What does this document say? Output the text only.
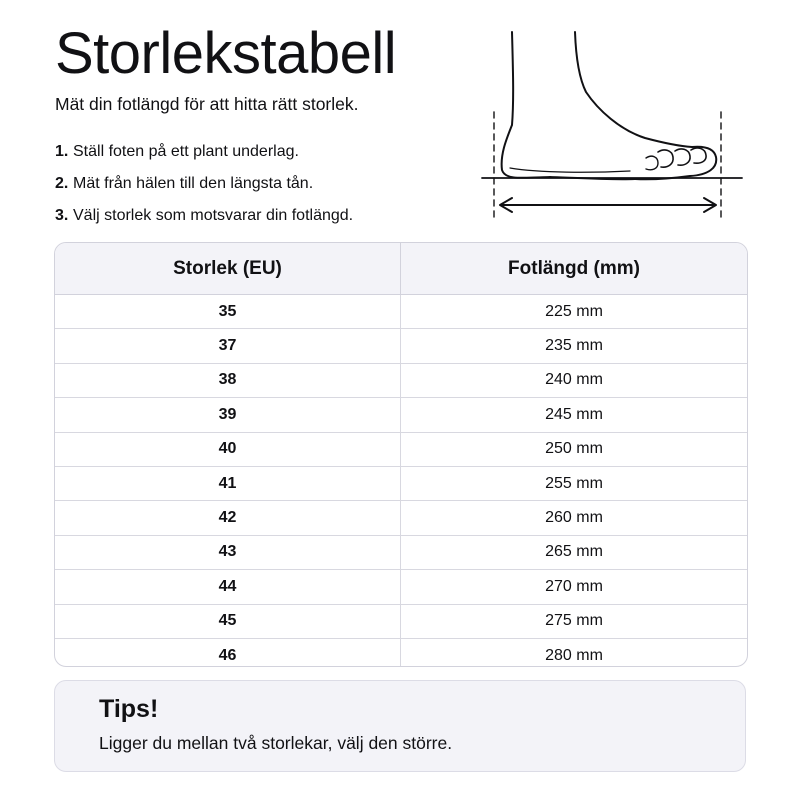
Storlekstabell

Mät din fotlängd för att hitta rätt storlek.

1. Ställ foten på ett plant underlag.
2. Mät från hälen till den längsta tån.
3. Välj storlek som motsvarar din fotlängd.
Storlek (EU)	Fotlängd (mm)
35	225 mm
37	235 mm
38	240 mm
39	245 mm
40	250 mm
41	255 mm
42	260 mm
43	265 mm
44	270 mm
45	275 mm
46	280 mm

Tips!

Ligger du mellan två storlekar, välj den större.
